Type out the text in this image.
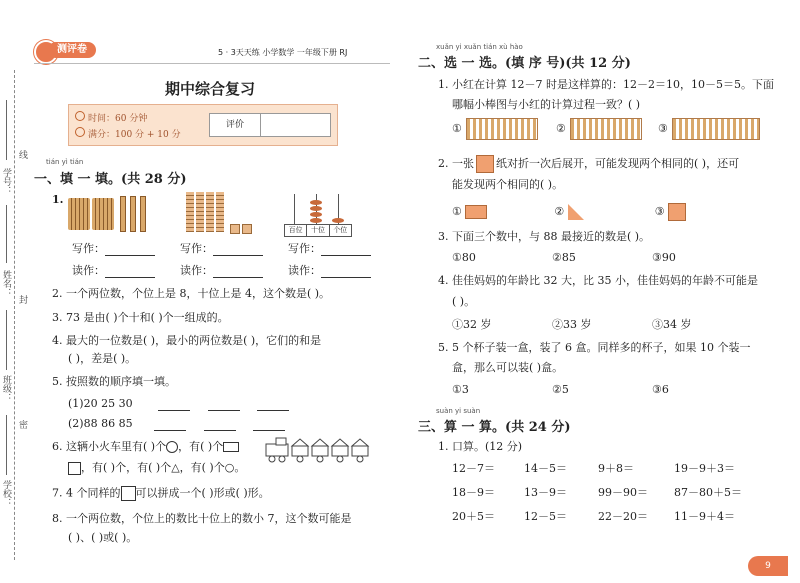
学号：
姓名：
班级：
学校：
线
封
密
测评卷	5 · 3天天练 小学数学 一年级下册 RJ
期中综合复习
时间：60 分钟
满分：100 分 + 10 分
评价
tián yì tián
一、填 一 填。(共 28 分)
1.
百位	十位	个位
写作：	写作：	写作：
读作：	读作：	读作：
2. 一个两位数，个位上是 8，十位上是 4，这个数是( )。
3. 73 是由( )个十和( )个一组成的。
4. 最大的一位数是( )，最小的两位数是( )，它们的和是
( )，差是( )。
5. 按照数的顺序填一填。
(1)20 25 30
(2)88 86 85
6. 这辆小火车里有( )个 ，有( )个
，有( )个，有( )个△，有( )个○。
7. 4 个同样的 可以拼成一个( )形或( )形。
8. 一个两位数，个位上的数比十位上的数小 7，这个数可能是
( )、( )或( )。
xuǎn yi xuǎn tián xù hào
二、选 一 选。(填 序 号)(共 12 分)
1. 小红在计算 12－7 时是这样算的：12－2＝10，10－5＝5。下面
哪幅小棒图与小红的计算过程一致？( )
①	②	③
2. 一张 纸对折一次后展开，可能发现两个相同的( )，还可
能发现两个相同的( )。
①	②	③
3. 下面三个数中，与 88 最接近的数是( )。
①80	②85	③90
4. 佳佳妈妈的年龄比 32 大，比 35 小，佳佳妈妈的年龄不可能是
( )。
①32 岁	②33 岁	③34 岁
5. 5 个杯子装一盒，装了 6 盒。同样多的杯子，如果 10 个装一
盒，那么可以装( )盒。
①3	②5	③6
suàn yi suàn
三、算 一 算。(共 24 分)
1. 口算。(12 分)
12－7＝	14－5＝	9＋8＝	19－9＋3＝
18－9＝	13－9＝	99－90＝ 87－80＋5＝
20＋5＝	12－5＝	22－20＝ 11－9＋4＝
9
